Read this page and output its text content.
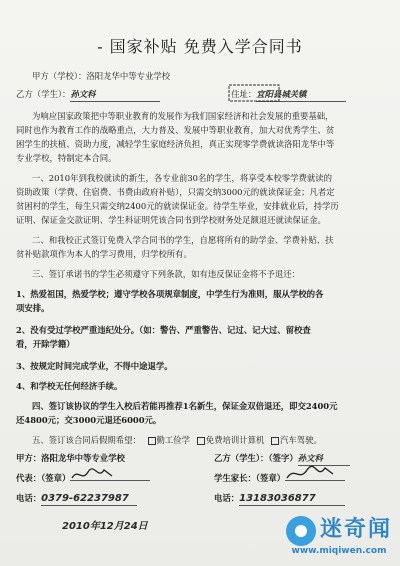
- 国家补贴 免费入学合同书
甲方（学校）：洛阳龙华中等专业学校
乙方（学生）：孙文科	住址：宜阳县城关镇
为响应国家政策把中等职业教育的发展作为我们国家经济和社会发展的重要基础，
同时也作为教育工作的战略重点，大力普及、发展中等职业教育，加大对优秀学生、贫
困学生的扶植、资助力度，减轻学生家庭经济负担，真正实现零学费就读洛阳龙华中等
专业学校，特制定本合同。
一、2010年到我校就读的新生，各专业前30名的学生，将享受本校零学费就读的
资助政策（学费、住宿费、书费由政府补贴），只需交纳3000元的就读保证金；凡者定
贫困村的学生，每生只需交纳2400元的就读保证金。待学生毕业，安排就业后，持学历
证明、保证金交款证明、学生科证明凭该合同书到学校财务处足额退还就读保证金。
二、和我校正式签订免费入学合同书的学生，自愿将所有的助学金、学费补贴、扶
贫补贴款项作为本人的学习费用，归学校所有。
三、签订承诺书的学生必须遵守下列条款，如有违反保证金将不予退还：
1、热爱祖国，热爱学校；遵守学校各项规章制度，中学生行为准则，服从学校的各
项安排。
2、没有受过学校严重违纪处分。（如：警告、严重警告、记过、记大过、留校查
看，开除学籍）
3、按规定时间完成学业，不得中途退学。
4、和学校无任何经济手续。
四、签订该协议的学生入校后若能再推荐1名新生，保证金双倍退还，即交2400元
还4800元；交3000元退还6000元。
五、签订该合同后假期希望： 勤工俭学 免费培训计算机 汽车驾驶。
甲方：洛阳龙华中等专业学校	乙方（学生）：（签字）孙文科
代表：（签章）	学生家长：（签章）
电话：0379-62237987	电话：13183036877
2010年12月24日	迷奇闻
www.miqiwen.com
